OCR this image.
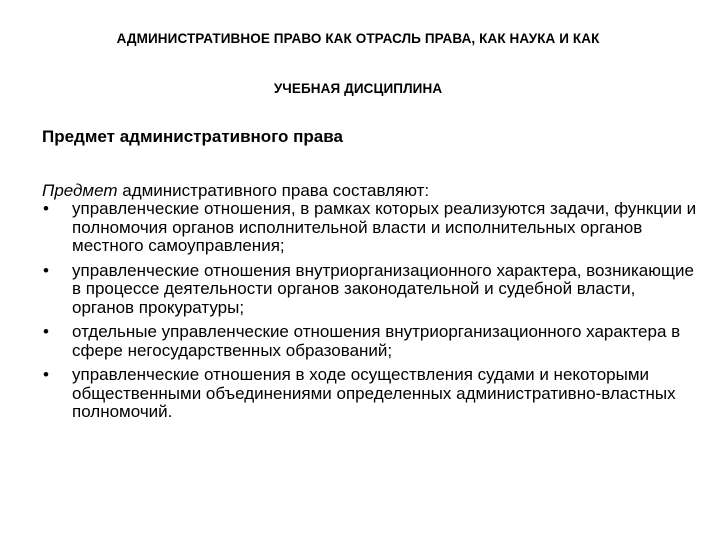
АДМИНИСТРАТИВНОЕ ПРАВО КАК ОТРАСЛЬ ПРАВА, КАК НАУКА И КАК
УЧЕБНАЯ ДИСЦИПЛИНА
Предмет административного права
Предмет административного права составляют:
• управленческие отношения, в рамках которых реализуются задачи, функции и полномочия органов исполнительной власти и исполнительных органов местного самоуправления;
• управленческие отношения внутриорганизационного характера, возникающие в процессе деятельности органов законодательной и судебной власти, органов прокуратуры;
• отдельные управленческие отношения внутриорганизационного характера в сфере негосударственных образований;
• управленческие отношения в ходе осуществления судами и некоторыми общественными объединениями определенных административно-властных полномочий.
